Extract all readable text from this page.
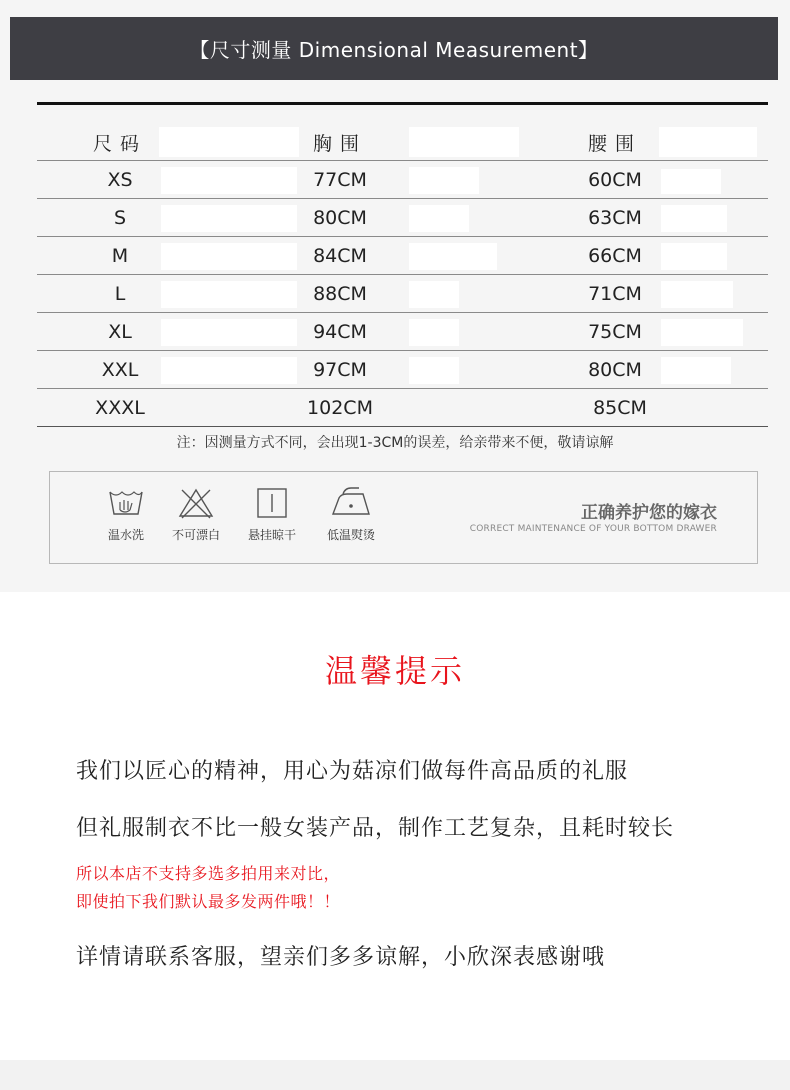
【尺寸测量 Dimensional Measurement】
尺码	胸围	腰围
XS	77CM	60CM
S	80CM	63CM
M	84CM	66CM
L	88CM	71CM
XL	94CM	75CM
XXL	97CM	80CM
XXXL	102CM	85CM
注：因测量方式不同，会出现1-3CM的误差，给亲带来不便，敬请谅解
温水洗	不可漂白	悬挂晾干	低温熨烫
正确养护您的嫁衣
CORRECT MAINTENANCE OF YOUR BOTTOM DRAWER
温馨提示
我们以匠心的精神，用心为菇凉们做每件高品质的礼服
但礼服制衣不比一般女装产品，制作工艺复杂，且耗时较长
所以本店不支持多选多拍用来对比，
即使拍下我们默认最多发两件哦！！
详情请联系客服，望亲们多多谅解，小欣深表感谢哦
